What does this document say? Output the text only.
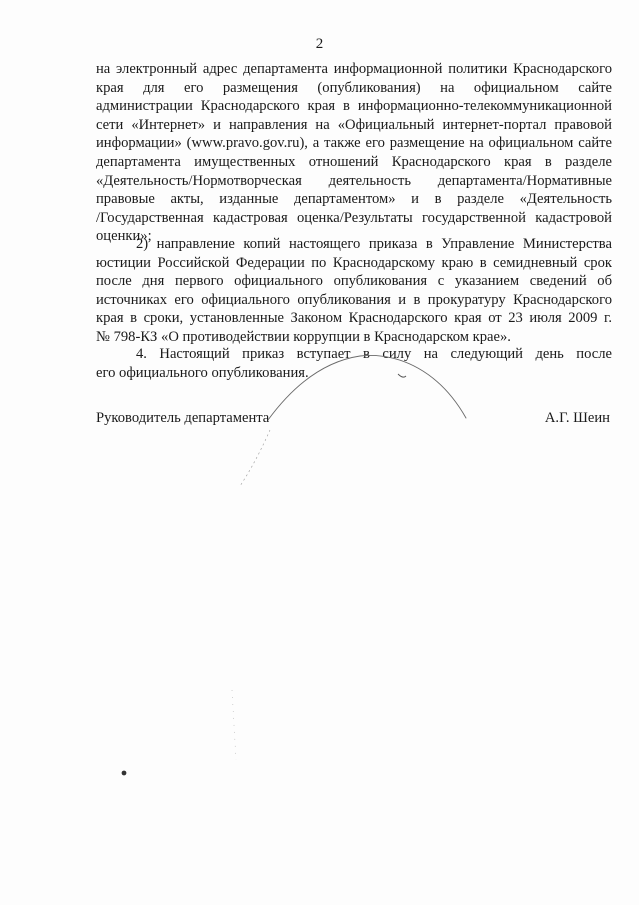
2
на электронный адрес департамента информационной политики Краснодарского
края для его размещения (опубликования) на официальном сайте
администрации Краснодарского края в информационно-телекоммуникационной
сети «Интернет» и направления на «Официальный интернет-портал правовой
информации» (www.pravo.gov.ru), а также его размещение на официальном сайте
департамента имущественных отношений Краснодарского края в разделе
«Деятельность/Нормотворческая деятельность департамента/Нормативные
правовые акты, изданные департаментом» и в разделе «Деятельность
/Государственная кадастровая оценка/Результаты государственной кадастровой
оценки»;
2) направление копий настоящего приказа в Управление Министерства
юстиции Российской Федерации по Краснодарскому краю в семидневный срок
после дня первого официального опубликования с указанием сведений об
источниках его официального опубликования и в прокуратуру Краснодарского
края в сроки, установленные Законом Краснодарского края от 23 июля 2009 г.
№ 798-КЗ «О противодействии коррупции в Краснодарском крае».
4. Настоящий приказ вступает в силу на следующий день после
его официального опубликования.
Руководитель департамента	А.Г. Шеин
